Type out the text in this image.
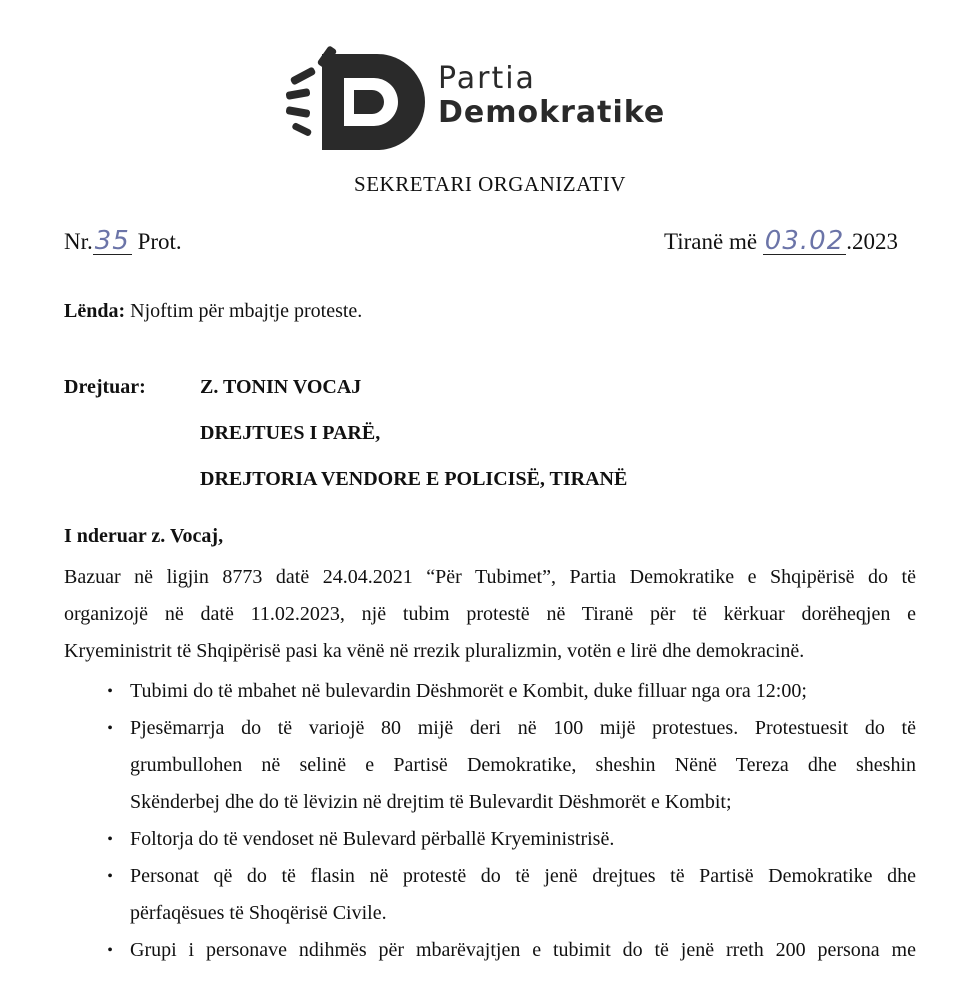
Partia
Demokratike
SEKRETARI ORGANIZATIV
Nr.35 Prot.	Tiranë më 03.02.2023
Lënda: Njoftim për mbajtje proteste.
Drejtuar:	Z. TONIN VOCAJ
DREJTUES I PARË,
DREJTORIA VENDORE E POLICISË, TIRANË
I nderuar z. Vocaj,
Bazuar në ligjin 8773 datë 24.04.2021 “Për Tubimet”, Partia Demokratike e Shqipërisë do të
organizojë në datë 11.02.2023, një tubim protestë në Tiranë për të kërkuar dorëheqjen e
Kryeministrit të Shqipërisë pasi ka vënë në rrezik pluralizmin, votën e lirë dhe demokracinë.
• Tubimi do të mbahet në bulevardin Dëshmorët e Kombit, duke filluar nga ora 12:00;
• Pjesëmarrja do të variojë 80 mijë deri në 100 mijë protestues. Protestuesit do të
grumbullohen në selinë e Partisë Demokratike, sheshin Nënë Tereza dhe sheshin
Skënderbej dhe do të lëvizin në drejtim të Bulevardit Dëshmorët e Kombit;
• Foltorja do të vendoset në Bulevard përballë Kryeministrisë.
• Personat që do të flasin në protestë do të jenë drejtues të Partisë Demokratike dhe
përfaqësues të Shoqërisë Civile.
• Grupi i personave ndihmës për mbarëvajtjen e tubimit do të jenë rreth 200 persona me
